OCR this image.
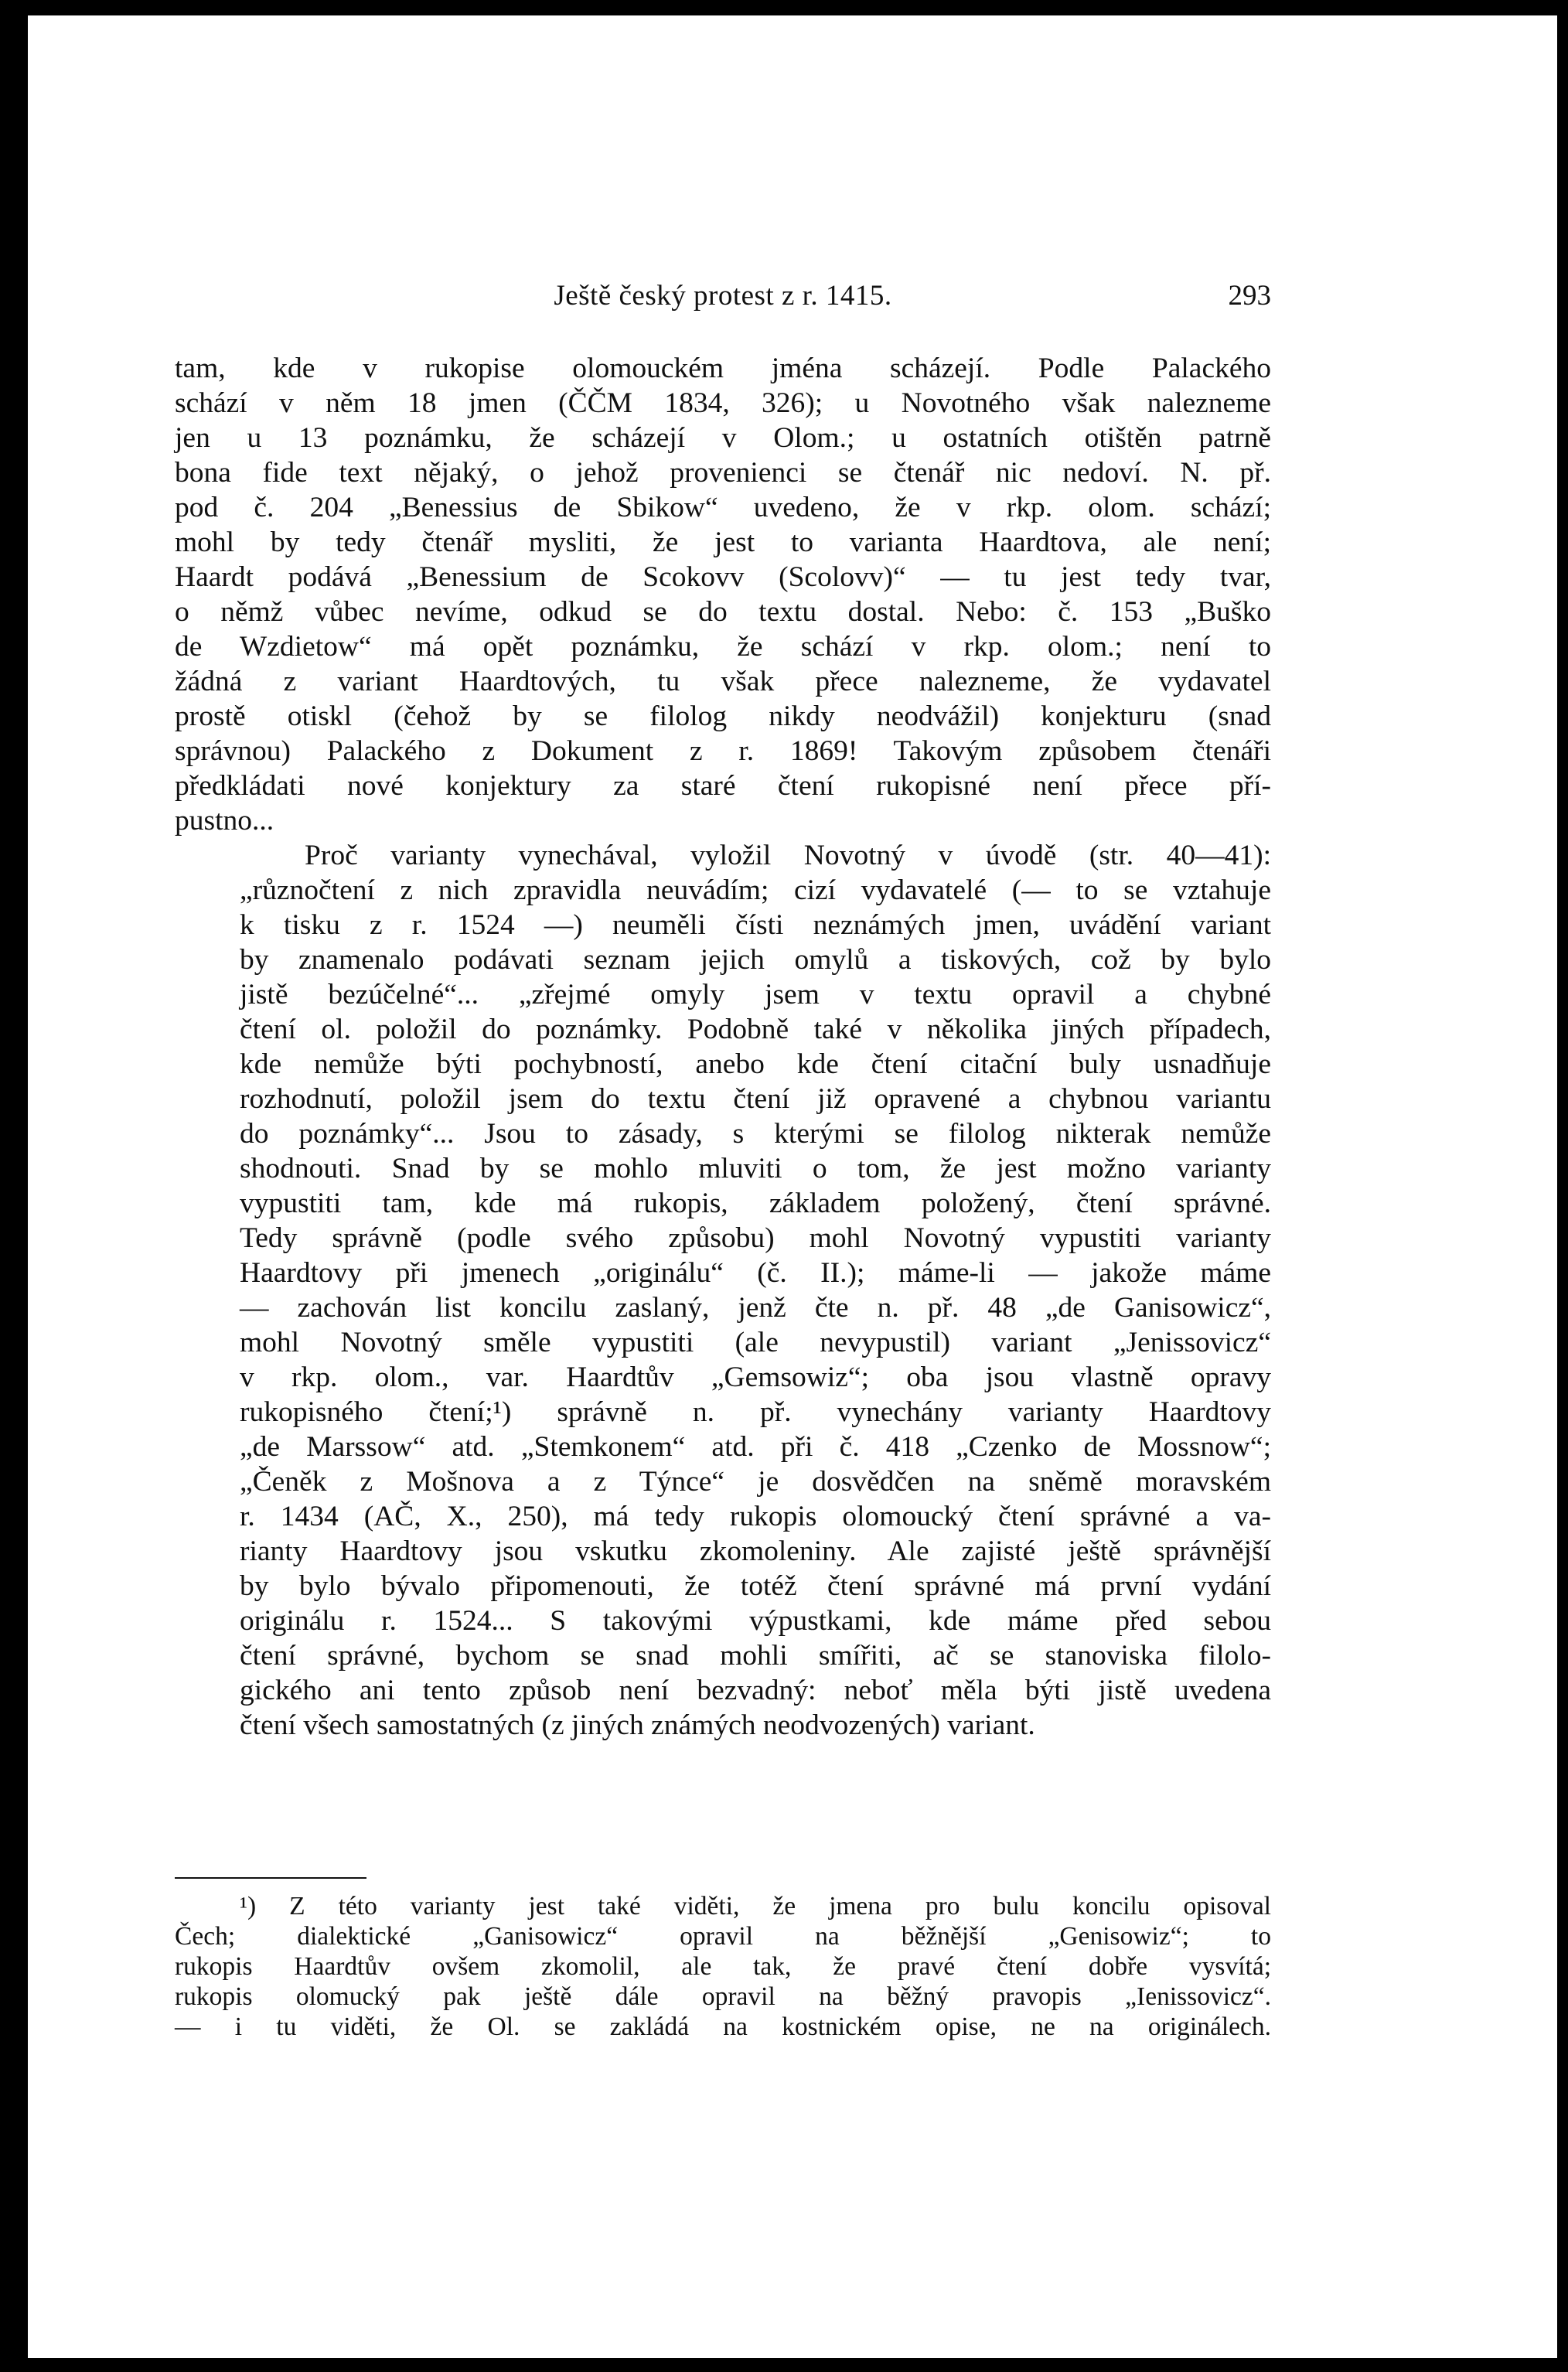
Ještě český protest z r. 1415.	293

tam, kde v rukopise olomouckém jména scházejí. Podle Palackého
schází v něm 18 jmen (ČČM 1834, 326); u Novotného však nalezneme
jen u 13 poznámku, že scházejí v Olom.; u ostatních otištěn patrně
bona fide text nějaký, o jehož provenienci se čtenář nic nedoví. N. př.
pod č. 204 „Benessius de Sbikow“ uvedeno, že v rkp. olom. schází;
mohl by tedy čtenář mysliti, že jest to varianta Haardtova, ale není;
Haardt podává „Benessium de Scokovv (Scolovv)“ — tu jest tedy tvar,
o němž vůbec nevíme, odkud se do textu dostal. Nebo: č. 153 „Buško
de Wzdietow“ má opět poznámku, že schází v rkp. olom.; není to
žádná z variant Haardtových, tu však přece nalezneme, že vydavatel
prostě otiskl (čehož by se filolog nikdy neodvážil) konjekturu (snad
správnou) Palackého z Dokument z r. 1869! Takovým způsobem čtenáři
předkládati nové konjektury za staré čtení rukopisné není přece pří-
pustno...

Proč varianty vynechával, vyložil Novotný v úvodě (str. 40—41):
„různočtení z nich zpravidla neuvádím; cizí vydavatelé (— to se vztahuje
k tisku z r. 1524 —) neuměli čísti neznámých jmen, uvádění variant
by znamenalo podávati seznam jejich omylů a tiskových, což by bylo
jistě bezúčelné“... „zřejmé omyly jsem v textu opravil a chybné
čtení ol. položil do poznámky. Podobně také v několika jiných případech,
kde nemůže býti pochybností, anebo kde čtení citační buly usnadňuje
rozhodnutí, položil jsem do textu čtení již opravené a chybnou variantu
do poznámky“... Jsou to zásady, s kterými se filolog nikterak nemůže
shodnouti. Snad by se mohlo mluviti o tom, že jest možno varianty
vypustiti tam, kde má rukopis, základem položený, čtení správné.
Tedy správně (podle svého způsobu) mohl Novotný vypustiti varianty
Haardtovy při jmenech „originálu“ (č. II.); máme-li — jakože máme
— zachován list koncilu zaslaný, jenž čte n. př. 48 „de Ganisowicz“,
mohl Novotný směle vypustiti (ale nevypustil) variant „Jenissovicz“
v rkp. olom., var. Haardtův „Gemsowiz“; oba jsou vlastně opravy
rukopisného čtení;¹) správně n. př. vynechány varianty Haardtovy
„de Marssow“ atd. „Stemkonem“ atd. při č. 418 „Czenko de Mossnow“;
„Čeněk z Mošnova a z Týnce“ je dosvědčen na sněmě moravském
r. 1434 (AČ, X., 250), má tedy rukopis olomoucký čtení správné a va-
rianty Haardtovy jsou vskutku zkomoleniny. Ale zajisté ještě správnější
by bylo bývalo připomenouti, že totéž čtení správné má první vydání
originálu r. 1524... S takovými výpustkami, kde máme před sebou
čtení správné, bychom se snad mohli smířiti, ač se stanoviska filolo-
gického ani tento způsob není bezvadný: neboť měla býti jistě uvedena
čtení všech samostatných (z jiných známých neodvozených) variant.

¹) Z této varianty jest také viděti, že jmena pro bulu koncilu opisoval
Čech; dialektické „Ganisowicz“ opravil na běžnější „Genisowiz“; to
rukopis Haardtův ovšem zkomolil, ale tak, že pravé čtení dobře vysvítá;
rukopis olomucký pak ještě dále opravil na běžný pravopis „Ienissovicz“.
— i tu viděti, že Ol. se zakládá na kostnickém opise, ne na originálech.
